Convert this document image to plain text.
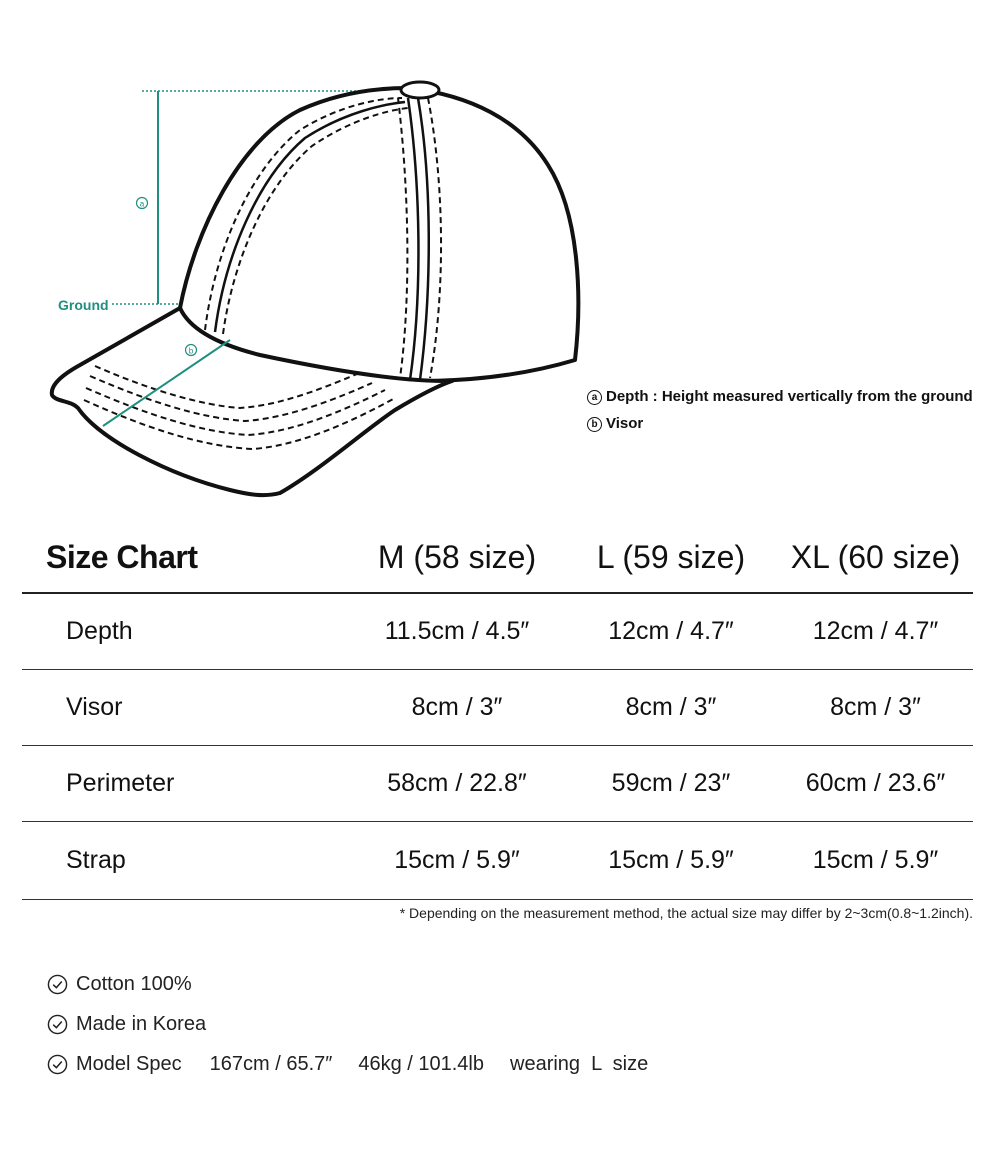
Ground
a
b
a Depth : Height measured vertically from the ground
b Visor
Size Chart	M (58 size)	L (59 size)	XL (60 size)
Depth	11.5cm / 4.5″	12cm / 4.7″	12cm / 4.7″
Visor	8cm / 3″	8cm / 3″	8cm / 3″
Perimeter	58cm / 22.8″	59cm / 23″	60cm / 23.6″
Strap	15cm / 5.9″	15cm / 5.9″	15cm / 5.9″
* Depending on the measurement method, the actual size may differ by 2~3cm(0.8~1.2inch).
Cotton 100%
Made in Korea
Model Spec 167cm / 65.7″ 46kg / 101.4lb wearing  L  size
